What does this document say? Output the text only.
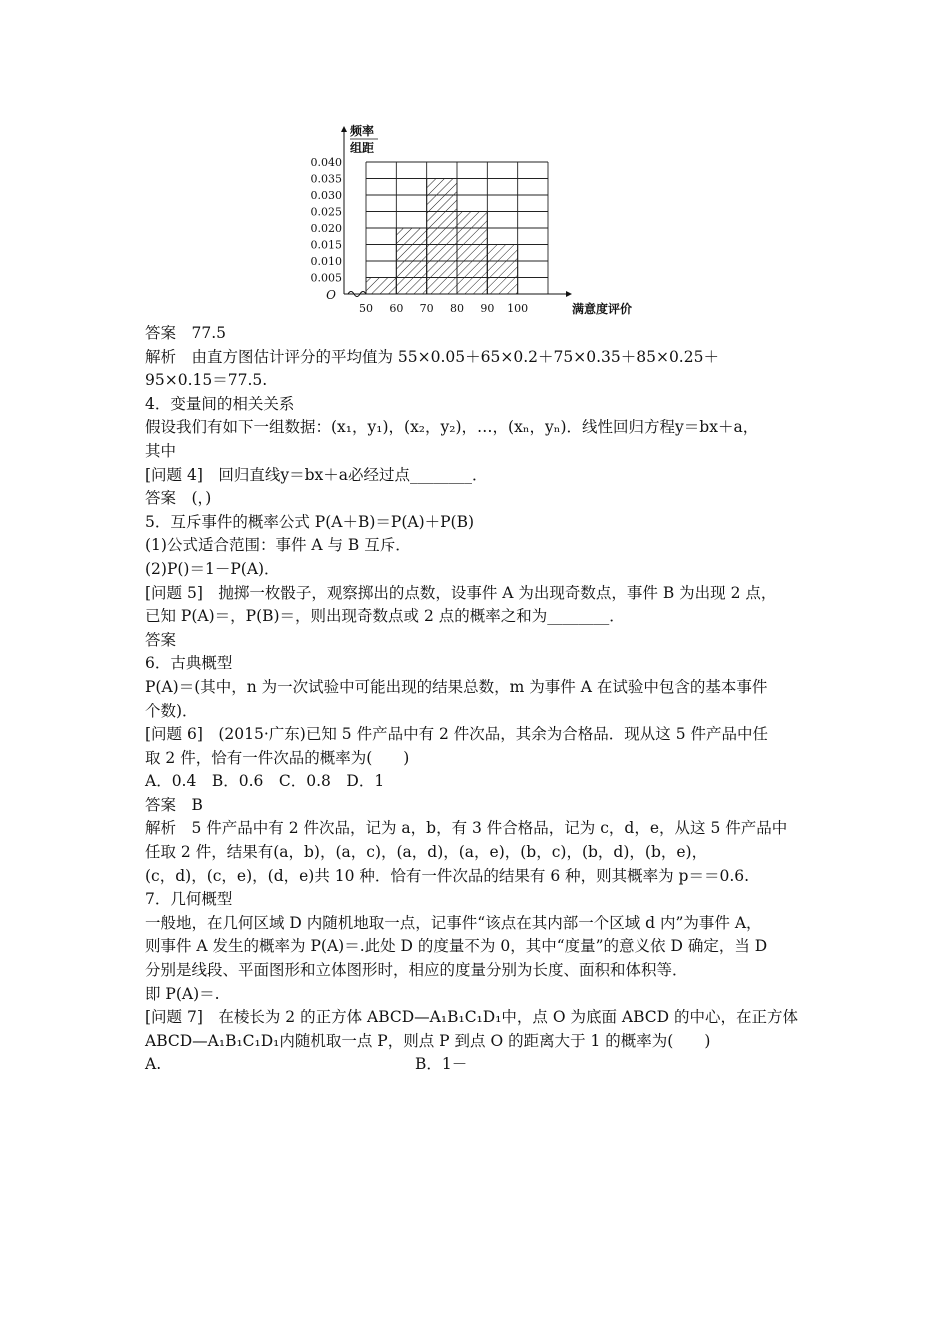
0.005
0.010
0.015
0.020
0.025
0.030
0.035
0.040
50 60 70 80 90 100
O
频率
组距
满意度评价
答案　77.5
解析　由直方图估计评分的平均值为 55×0.05＋65×0.2＋75×0.35＋85×0.25＋
95×0.15＝77.5.
4．变量间的相关关系
假设我们有如下一组数据：(x₁，y₁)，(x₂，y₂)，…，(xₙ，yₙ)．线性回归方程y＝bx＋a，
其中
[问题 4]　回归直线y＝bx＋a必经过点________．
答案　(，)
5．互斥事件的概率公式 P(A＋B)＝P(A)＋P(B)
(1)公式适合范围：事件 A 与 B 互斥．
(2)P()＝1－P(A)．
[问题 5]　抛掷一枚骰子，观察掷出的点数，设事件 A 为出现奇数点，事件 B 为出现 2 点，
已知 P(A)＝，P(B)＝，则出现奇数点或 2 点的概率之和为________．
答案
6．古典概型
P(A)＝(其中，n 为一次试验中可能出现的结果总数，m 为事件 A 在试验中包含的基本事件
个数)．
[问题 6]　(2015·广东)已知 5 件产品中有 2 件次品，其余为合格品．现从这 5 件产品中任
取 2 件，恰有一件次品的概率为(　　)
A．0.4　B．0.6　C．0.8　D．1
答案　B
解析　5 件产品中有 2 件次品，记为 a，b，有 3 件合格品，记为 c，d，e，从这 5 件产品中
任取 2 件，结果有(a，b)，(a，c)，(a，d)，(a，e)，(b，c)，(b，d)，(b，e)，
(c，d)，(c，e)，(d，e)共 10 种．恰有一件次品的结果有 6 种，则其概率为 p＝＝0.6.
7．几何概型
一般地，在几何区域 D 内随机地取一点，记事件“该点在其内部一个区域 d 内”为事件 A，
则事件 A 发生的概率为 P(A)＝.此处 D 的度量不为 0，其中“度量”的意义依 D 确定，当 D
分别是线段、平面图形和立体图形时，相应的度量分别为长度、面积和体积等．
即 P(A)＝.
[问题 7]　在棱长为 2 的正方体 ABCD—A₁B₁C₁D₁中，点 O 为底面 ABCD 的中心，在正方体
ABCD—A₁B₁C₁D₁内随机取一点 P，则点 P 到点 O 的距离大于 1 的概率为(　　)
A.	B．1－
